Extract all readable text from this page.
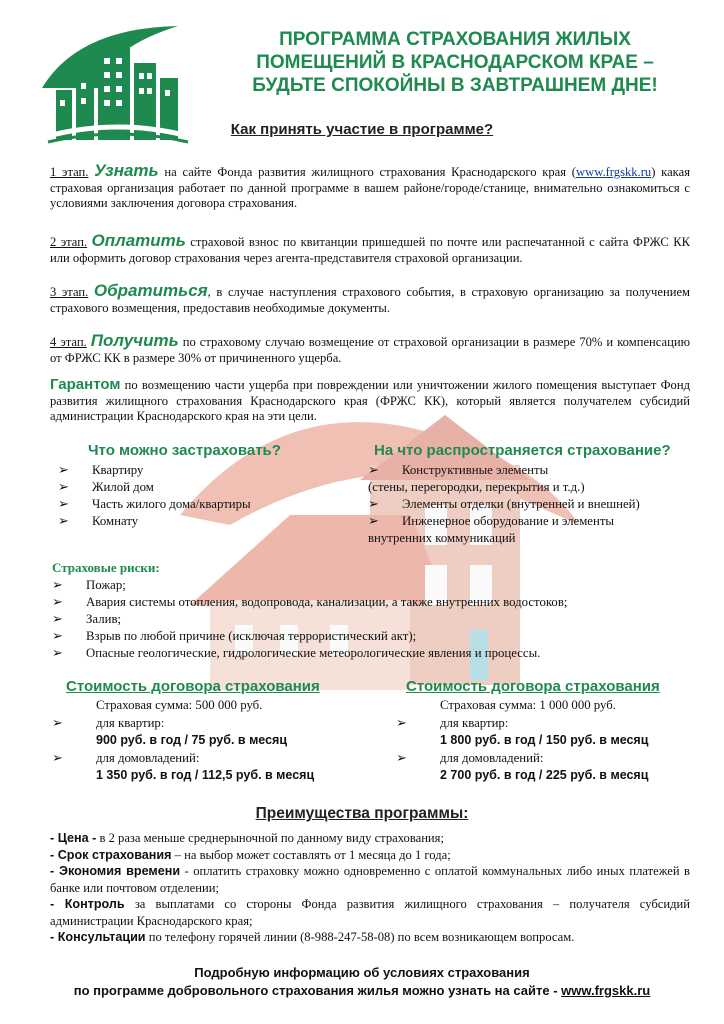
ПРОГРАММА СТРАХОВАНИЯ ЖИЛЫХ
ПОМЕЩЕНИЙ В КРАСНОДАРСКОМ КРАЕ –
БУДЬТЕ СПОКОЙНЫ В ЗАВТРАШНЕМ ДНЕ!
Как принять участие в программе?
1 этап. Узнать на сайте Фонда развития жилищного страхования Краснодарского края (www.frgskk.ru) какая страховая организация работает по данной программе в вашем районе/городе/станице, внимательно ознакомиться с условиями заключения договора страхования.
2 этап. Оплатить страховой взнос по квитанции пришедшей по почте или распечатанной с сайта ФРЖС КК или оформить договор страхования через агента-представителя страховой организации.
3 этап. Обратиться, в случае наступления страхового события, в страховую организацию за получением страхового возмещения, предоставив необходимые документы.
4 этап. Получить по страховому случаю возмещение от страховой организации в размере 70% и компенсацию от ФРЖС КК в размере 30% от причиненного ущерба.
Гарантом по возмещению части ущерба при повреждении или уничтожении жилого помещения выступает Фонд развития жилищного страхования Краснодарского края (ФРЖС КК), который является получателем субсидий администрации Краснодарского края на эти цели.
Что можно застраховать?
➢ Квартиру
➢ Жилой дом
➢ Часть жилого дома/квартиры
➢ Комнату
На что распространяется страхование?
➢ Конструктивные элементы
(стены, перегородки, перекрытия и т.д.)
➢ Элементы отделки (внутренней и внешней)
➢ Инженерное оборудование и элементы
внутренних коммуникаций
Страховые риски:
➢ Пожар;
➢ Авария системы отопления, водопровода, канализации, а также внутренних водостоков;
➢ Залив;
➢ Взрыв по любой причине (исключая террористический акт);
➢ Опасные геологические, гидрологические метеорологические явления и процессы.
Стоимость договора страхования
Страховая сумма: 500 000 руб.
➢	для квартир:
900 руб. в год / 75 руб. в месяц
➢	для домовладений:
1 350 руб. в год / 112,5 руб. в месяц
Стоимость договора страхования
Страховая сумма: 1 000 000 руб.
➢	для квартир:
1 800 руб. в год / 150 руб. в месяц
➢	для домовладений:
2 700 руб. в год / 225 руб. в месяц
Преимущества программы:
- Цена - в 2 раза меньше среднерыночной по данному виду страхования;
- Срок страхования – на выбор может составлять от 1 месяца до 1 года;
- Экономия времени - оплатить страховку можно одновременно с оплатой коммунальных либо иных платежей в банке или почтовом отделении;
- Контроль за выплатами со стороны Фонда развития жилищного страхования – получателя субсидий администрации Краснодарского края;
- Консультации по телефону горячей линии (8-988-247-58-08) по всем возникающем вопросам.
Подробную информацию об условиях страхования
по программе добровольного страхования жилья можно узнать на сайте - www.frgskk.ru
